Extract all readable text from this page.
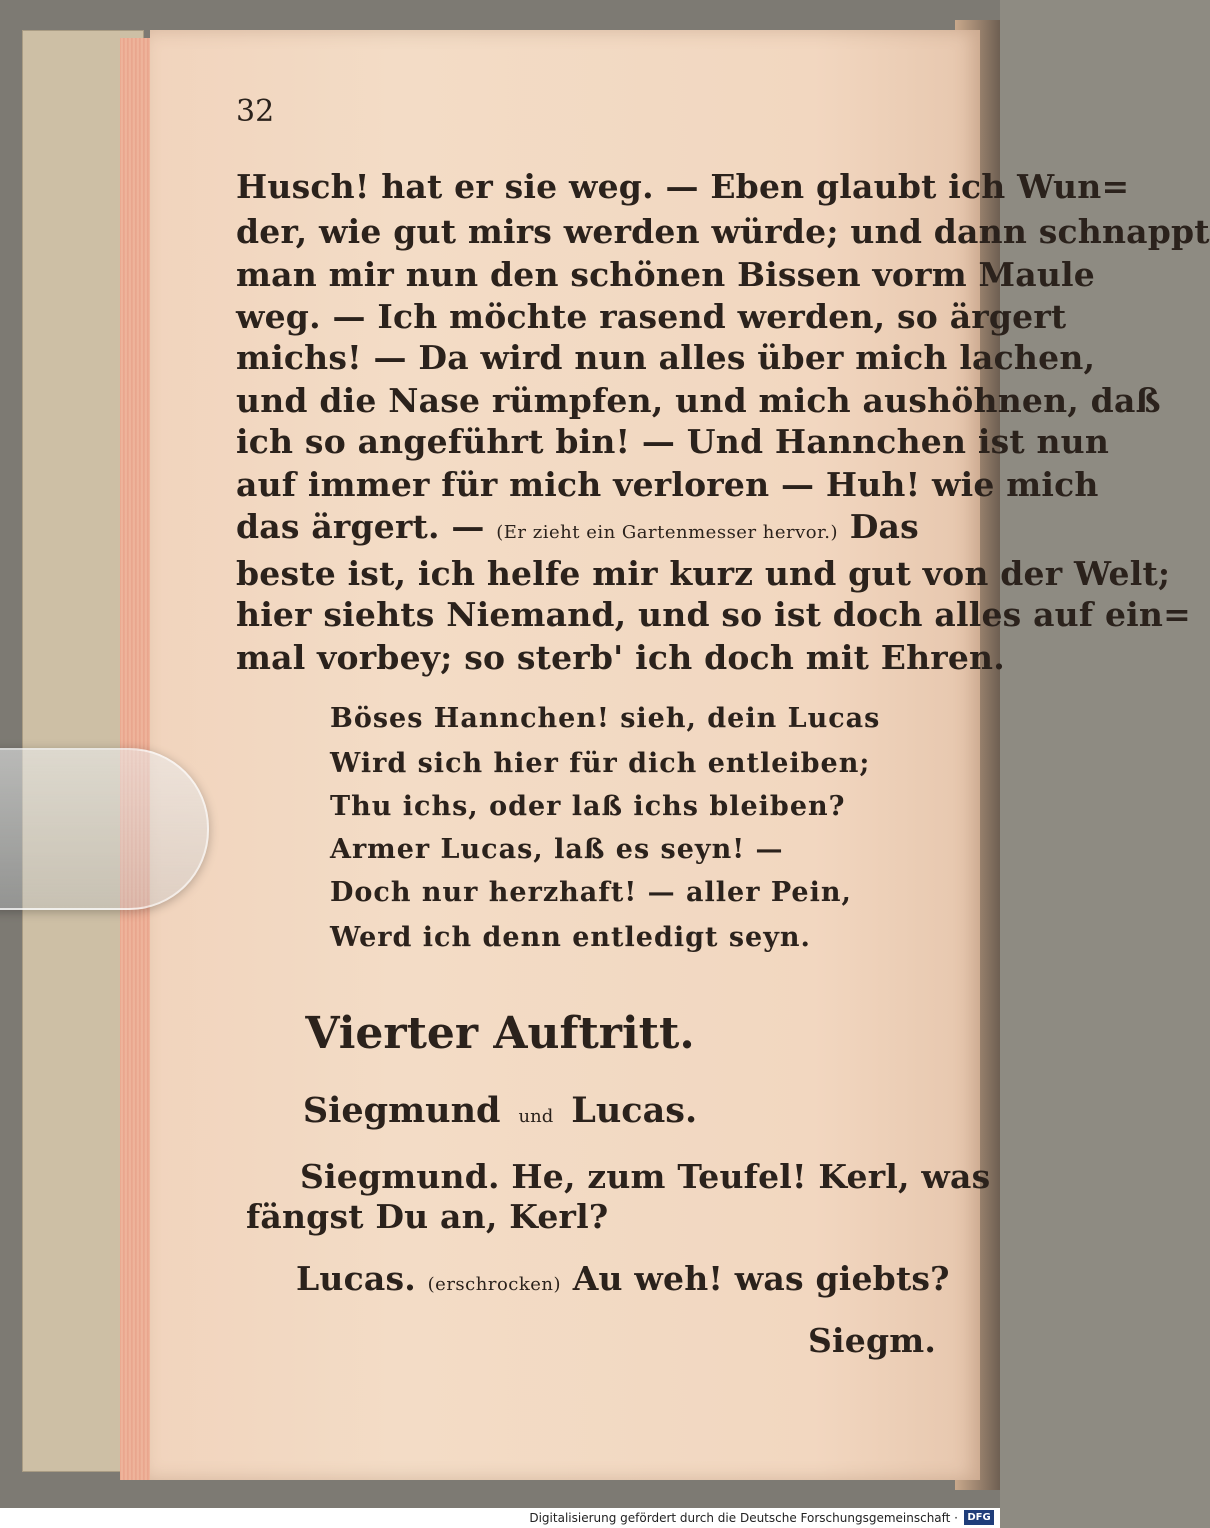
32
Husch! hat er sie weg. — Eben glaubt ich Wun=
der, wie gut mirs werden würde; und dann schnappt
man mir nun den schönen Bissen vorm Maule
weg. — Ich möchte rasend werden, so ärgert
michs! — Da wird nun alles über mich lachen,
und die Nase rümpfen, und mich aushöhnen, daß
ich so angeführt bin! — Und Hannchen ist nun
auf immer für mich verloren — Huh! wie mich
das ärgert. — (Er zieht ein Gartenmesser hervor.) Das
beste ist, ich helfe mir kurz und gut von der Welt;
hier siehts Niemand, und so ist doch alles auf ein=
mal vorbey; so sterb' ich doch mit Ehren.
Böses Hannchen! sieh, dein Lucas
Wird sich hier für dich entleiben;
Thu ichs, oder laß ichs bleiben?
Armer Lucas, laß es seyn! —
Doch nur herzhaft! — aller Pein,
Werd ich denn entledigt seyn.
Vierter Auftritt.
Siegmund und Lucas.
Siegmund. He, zum Teufel! Kerl, was
fängst Du an, Kerl?
Lucas. (erschrocken) Au weh! was giebts?
Siegm.
Digitalisierung gefördert durch die Deutsche Forschungsgemeinschaft · DFG
